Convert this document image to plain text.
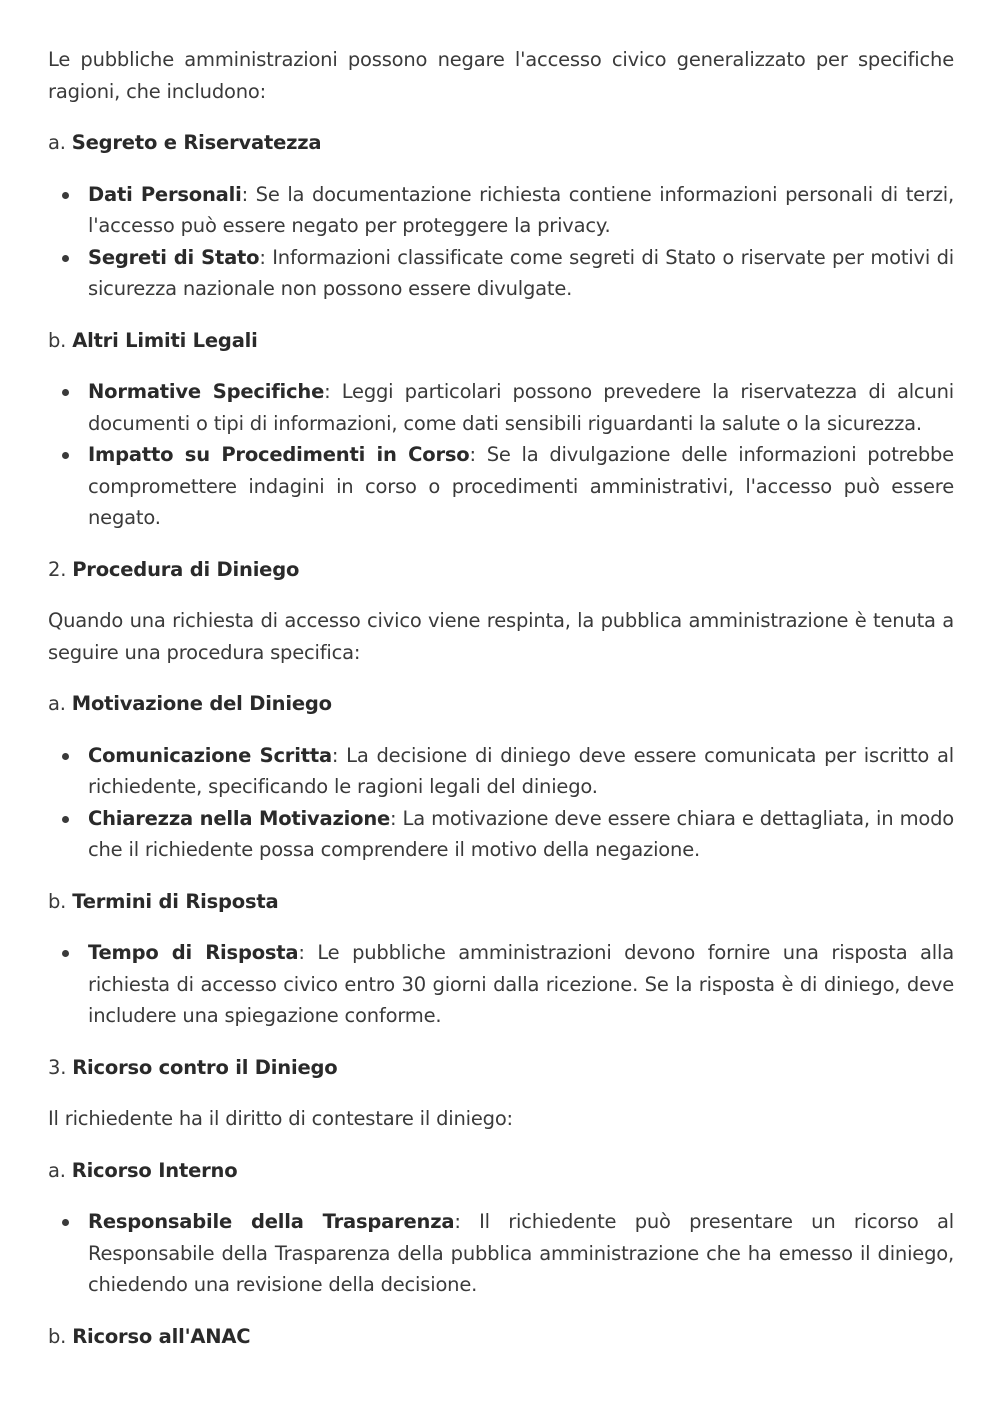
Le pubbliche amministrazioni possono negare l'accesso civico generalizzato per specifiche ragioni, che includono:

a. Segreto e Riservatezza

Dati Personali: Se la documentazione richiesta contiene informazioni personali di terzi, l'accesso può essere negato per proteggere la privacy.
Segreti di Stato: Informazioni classificate come segreti di Stato o riservate per motivi di sicurezza nazionale non possono essere divulgate.

b. Altri Limiti Legali

Normative Specifiche: Leggi particolari possono prevedere la riservatezza di alcuni documenti o tipi di informazioni, come dati sensibili riguardanti la salute o la sicurezza.
Impatto su Procedimenti in Corso: Se la divulgazione delle informazioni potrebbe compromettere indagini in corso o procedimenti amministrativi, l'accesso può essere negato.

2. Procedura di Diniego

Quando una richiesta di accesso civico viene respinta, la pubblica amministrazione è tenuta a seguire una procedura specifica:

a. Motivazione del Diniego

Comunicazione Scritta: La decisione di diniego deve essere comunicata per iscritto al richiedente, specificando le ragioni legali del diniego.
Chiarezza nella Motivazione: La motivazione deve essere chiara e dettagliata, in modo che il richiedente possa comprendere il motivo della negazione.

b. Termini di Risposta

Tempo di Risposta: Le pubbliche amministrazioni devono fornire una risposta alla richiesta di accesso civico entro 30 giorni dalla ricezione. Se la risposta è di diniego, deve includere una spiegazione conforme.

3. Ricorso contro il Diniego

Il richiedente ha il diritto di contestare il diniego:

a. Ricorso Interno

Responsabile della Trasparenza: Il richiedente può presentare un ricorso al Responsabile della Trasparenza della pubblica amministrazione che ha emesso il diniego, chiedendo una revisione della decisione.

b. Ricorso all'ANAC
